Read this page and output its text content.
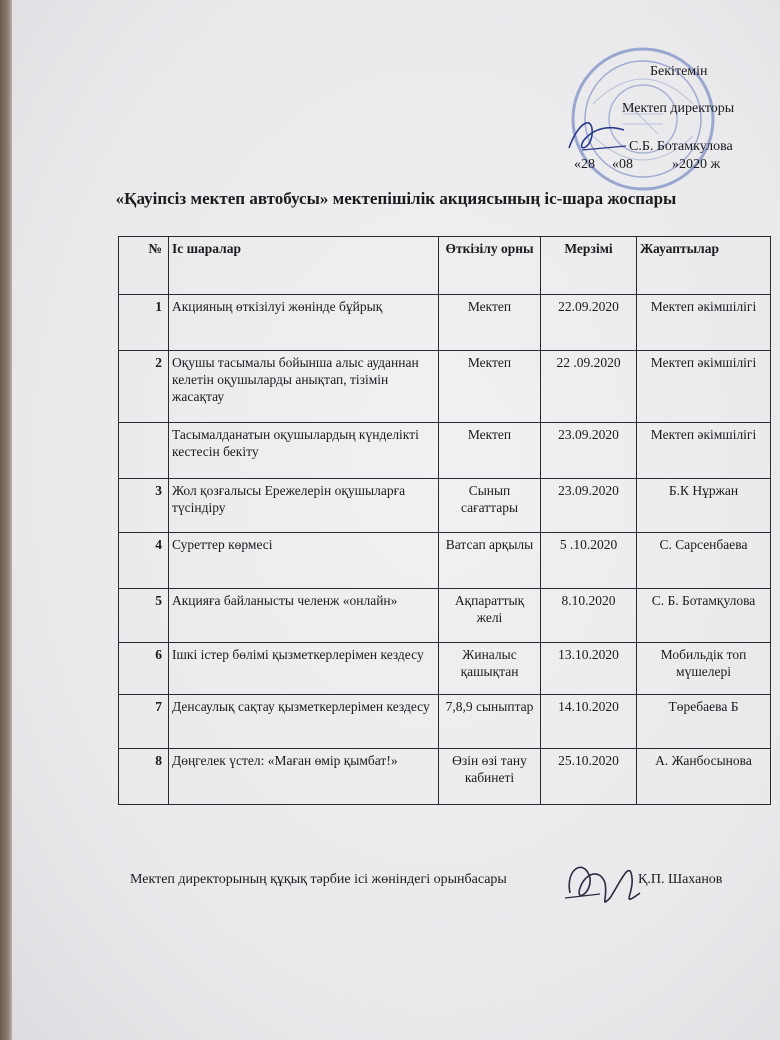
Бекітемін
Мектеп директоры
С.Б. Ботамкулова
«28 «08	»2020 ж
«Қауіпсіз мектеп автобусы» мектепішілік акциясының іс-шара жоспары
№	Іс шаралар	Өткізілу орны	Мерзімі	Жауаптылар
1	Акцияның өткізілуі жөнінде бұйрық	Мектеп	22.09.2020	Мектеп әкімшілігі
2	Оқушы тасымалы бойынша алыс ауданнан келетін оқушыларды анықтап, тізімін жасақтау	Мектеп	22 .09.2020	Мектеп әкімшілігі
	Тасымалданатын оқушылардың күнделікті кестесін бекіту	Мектеп	23.09.2020	Мектеп әкімшілігі
3	Жол қозғалысы Ережелерін оқушыларға түсіндіру	Сынып сағаттары	23.09.2020	Б.К Нұржан
4	Суреттер көрмесі	Ватсап арқылы	5 .10.2020	С. Сарсенбаева
5	Акцияға байланысты челенж «онлайн»	Ақпараттық желі	8.10.2020	С. Б. Ботамқулова
6	Ішкі істер бөлімі қызметкерлерімен кездесу	Жиналыс қашықтан	13.10.2020	Мобильдік топ мүшелері
7	Денсаулық сақтау қызметкерлерімен кездесу	7,8,9 сыныптар	14.10.2020	Төребаева Б
8	Дөңгелек үстел: «Маған өмір қымбат!»	Өзін өзі тану кабинеті	25.10.2020	А. Жанбосынова
Мектеп директорының құқық тәрбие ісі жөніндегі орынбасары	Қ.П. Шаханов
